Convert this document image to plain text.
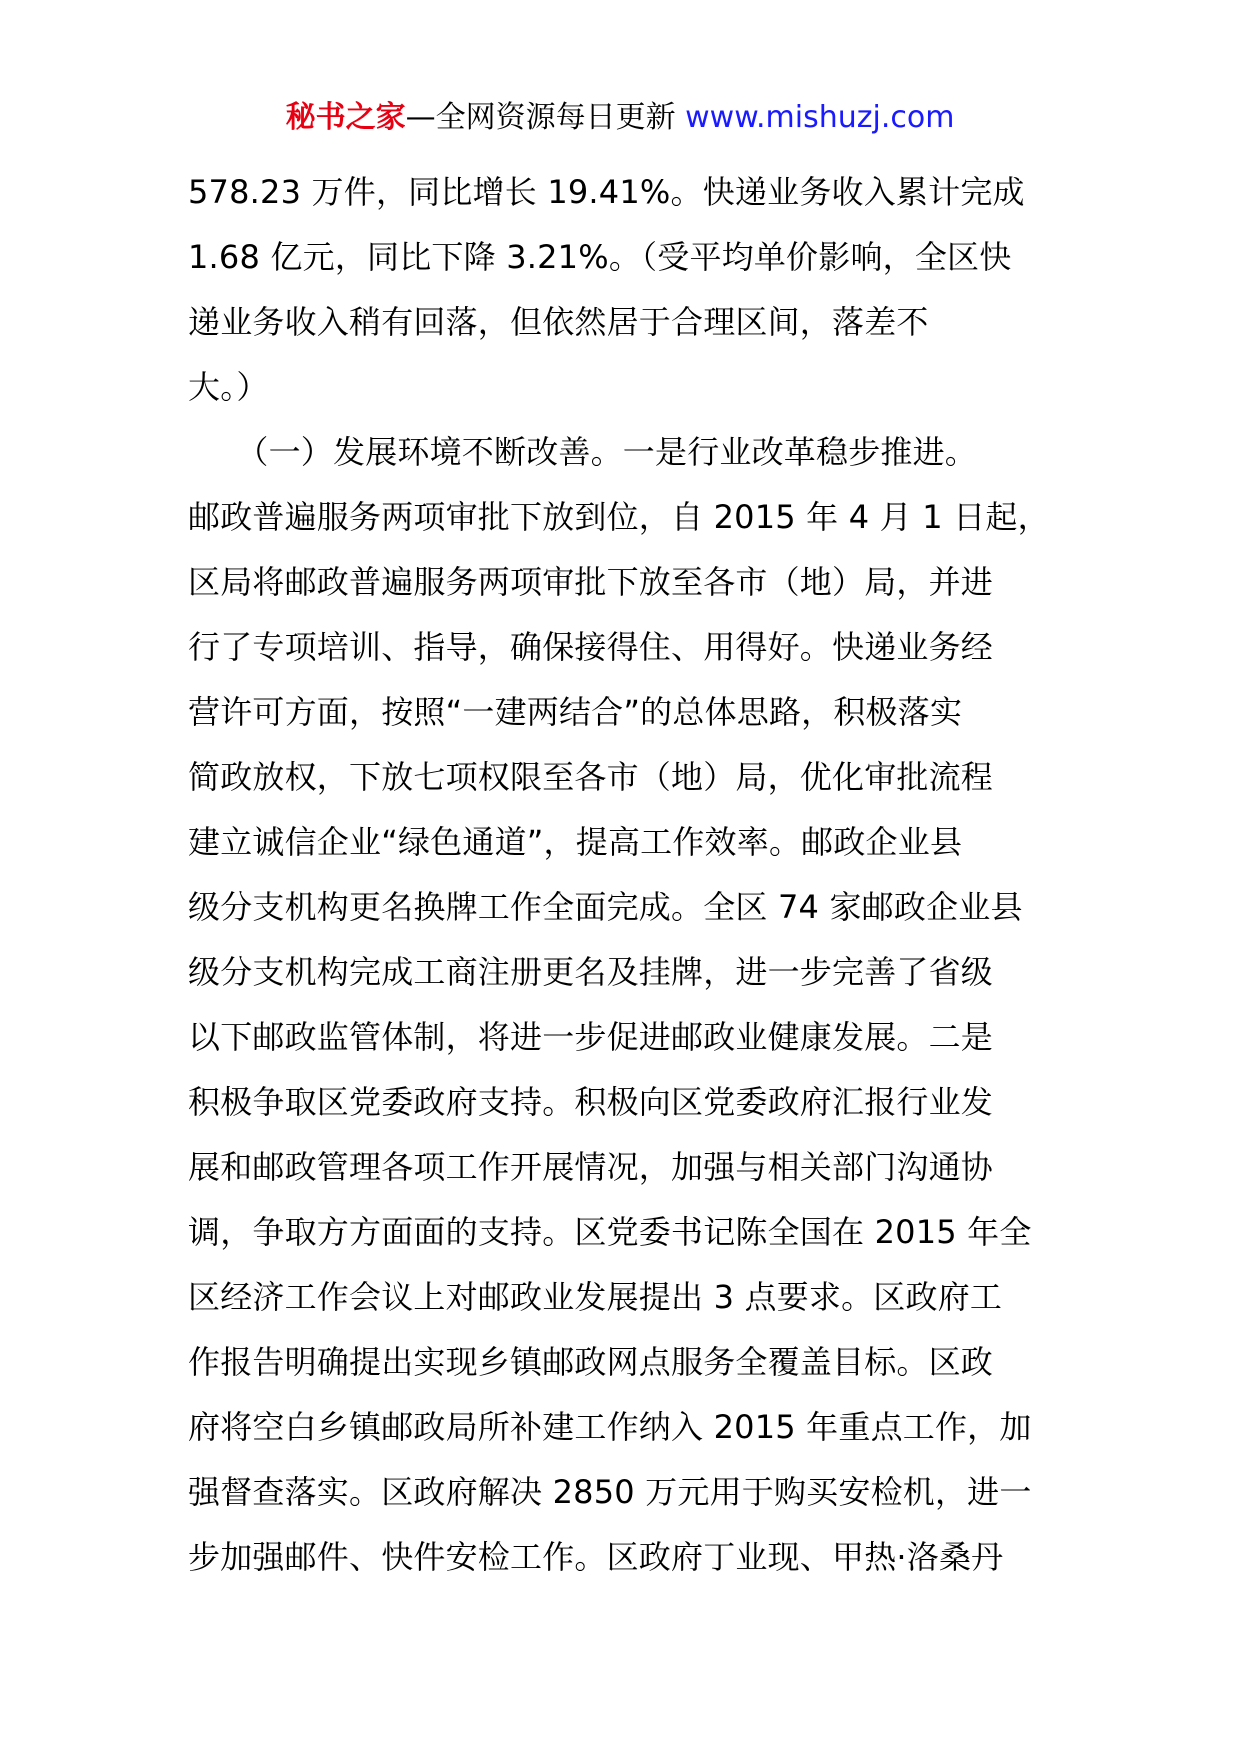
秘书之家—全网资源每日更新 www.mishuzj.com
578.23 万件，同比增长 19.41%。快递业务收入累计完成
1.68 亿元，同比下降 3.21%。（受平均单价影响，全区快
递业务收入稍有回落，但依然居于合理区间，落差不
大。）
　　（一）发展环境不断改善。一是行业改革稳步推进。
邮政普遍服务两项审批下放到位，自 2015 年 4 月 1 日起，
区局将邮政普遍服务两项审批下放至各市（地）局，并进
行了专项培训、指导，确保接得住、用得好。快递业务经
营许可方面，按照“一建两结合”的总体思路，积极落实
简政放权，下放七项权限至各市（地）局，优化审批流程
建立诚信企业“绿色通道”，提高工作效率。邮政企业县
级分支机构更名换牌工作全面完成。全区 74 家邮政企业县
级分支机构完成工商注册更名及挂牌，进一步完善了省级
以下邮政监管体制，将进一步促进邮政业健康发展。二是
积极争取区党委政府支持。积极向区党委政府汇报行业发
展和邮政管理各项工作开展情况，加强与相关部门沟通协
调，争取方方面面的支持。区党委书记陈全国在 2015 年全
区经济工作会议上对邮政业发展提出 3 点要求。区政府工
作报告明确提出实现乡镇邮政网点服务全覆盖目标。区政
府将空白乡镇邮政局所补建工作纳入 2015 年重点工作，加
强督查落实。区政府解决 2850 万元用于购买安检机，进一
步加强邮件、快件安检工作。区政府丁业现、甲热·洛桑丹
